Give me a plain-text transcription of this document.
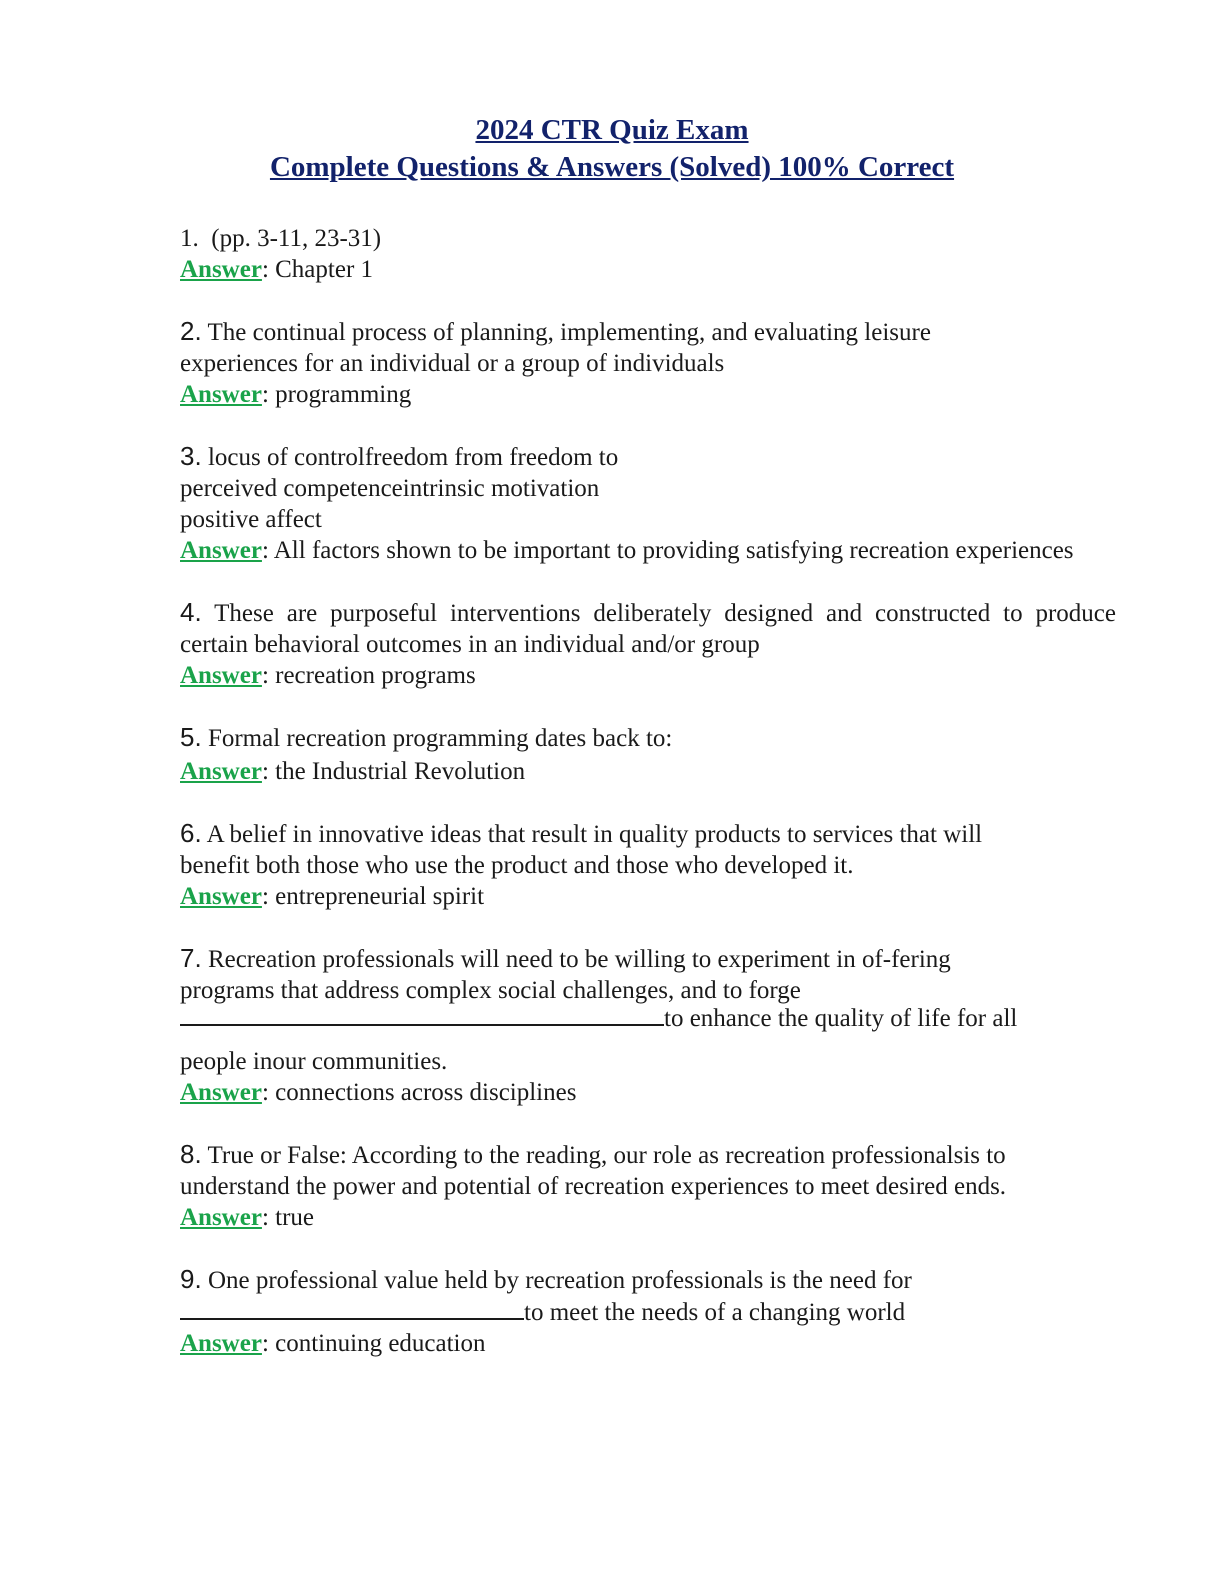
2024 CTR Quiz Exam
Complete Questions & Answers (Solved) 100% Correct
1. (pp. 3-11, 23-31)
Answer: Chapter 1
2. The continual process of planning, implementing, and evaluating leisure
experiences for an individual or a group of individuals
Answer: programming
3. locus of controlfreedom from freedom to
perceived competenceintrinsic motivation
positive affect
Answer: All factors shown to be important to providing satisfying recreation experiences
4. These are purposeful interventions deliberately designed and constructed to produce certain behavioral outcomes in an individual and/or group
Answer: recreation programs
5. Formal recreation programming dates back to:
Answer: the Industrial Revolution
6. A belief in innovative ideas that result in quality products to services that will
benefit both those who use the product and those who developed it.
Answer: entrepreneurial spirit
7. Recreation professionals will need to be willing to experiment in of-fering
programs that address complex social challenges, and to forge
to enhance the quality of life for all
people inour communities.
Answer: connections across disciplines
8. True or False: According to the reading, our role as recreation professionalsis to
understand the power and potential of recreation experiences to meet desired ends.
Answer: true
9. One professional value held by recreation professionals is the need for
to meet the needs of a changing world
Answer: continuing education
